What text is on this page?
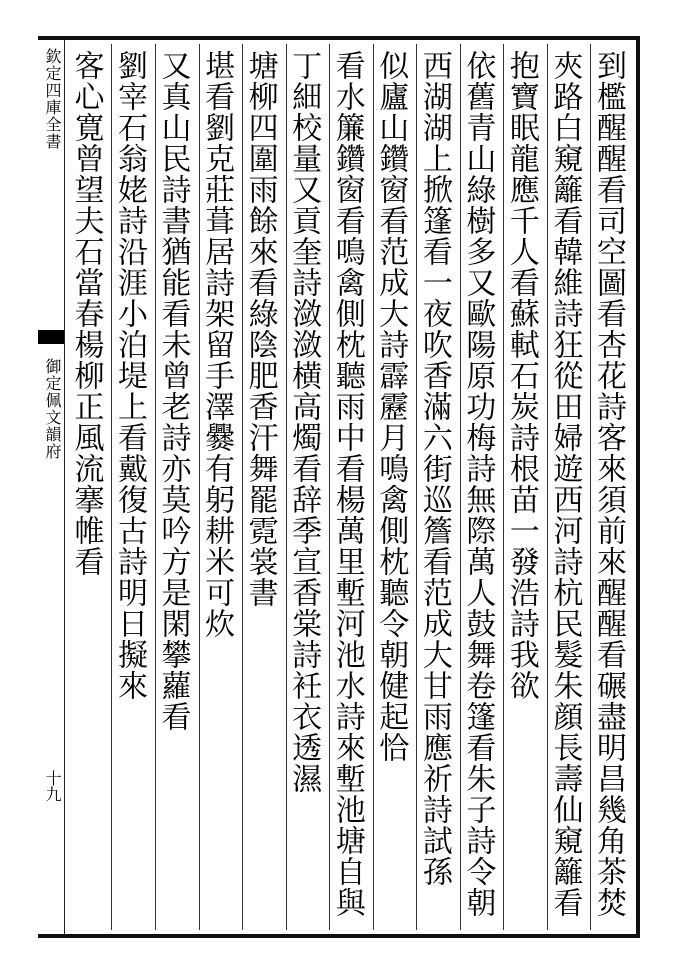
欽定四庫全書
御定佩文韻府
十九
到檻醒醒看司空圖看杏花詩客來須前來醒醒看碾盡明昌幾角茶焚
夾路白窺籬看韓維詩狂從田婦遊西河詩杭民髮朱顔長壽仙窺籬看
抱寶眠龍應千人看蘇軾石炭詩根苗一發浩詩我欲
依舊青山綠樹多又歐陽原功梅詩無際萬人鼓舞卷篷看朱子詩令朝
西湖湖上掀篷看一夜吹香滿六街巡簷看范成大甘雨應祈詩試孫
似廬山鑽窗看范成大詩霹靂月鳴禽側枕聽令朝健起恰
看水簾鑽窗看鳴禽側枕聽雨中看楊萬里塹河池水詩來塹池塘自與
丁細校量又貢奎詩潋潋横高燭看辞季宣香棠詩衽衣透濕
塘柳四圍雨餘來看綠陰肥香汗舞罷霓裳書
堪看劉克莊葺居詩架留手澤爨有躬耕米可炊
又真山民詩書猶能看未曾老詩亦莫吟方是閑攀蘿看
劉宰石翁姥詩沿涯小泊堤上看戴復古詩明日擬來
客心寛曾望夫石當春楊柳正風流搴帷看
